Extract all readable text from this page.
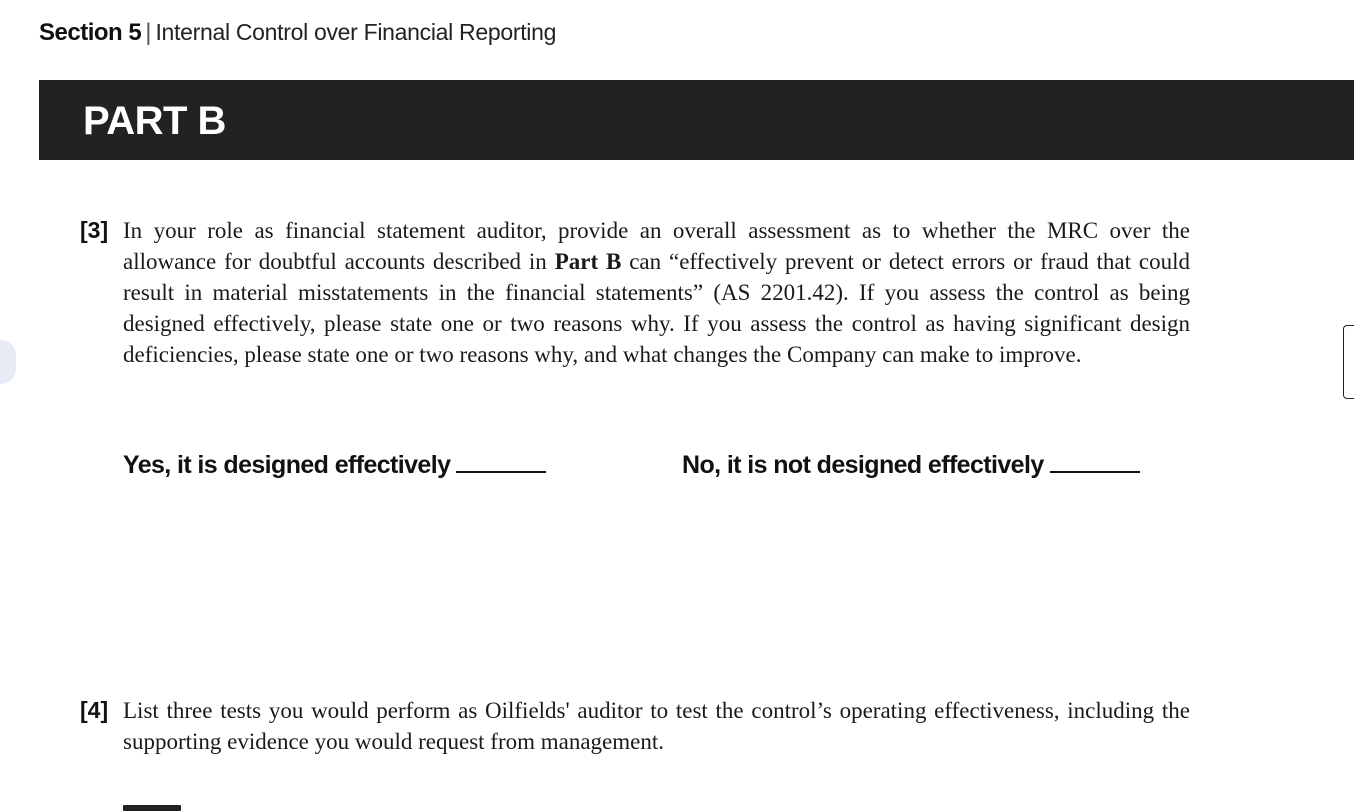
Section 5 | Internal Control over Financial Reporting
PART B
[3] In your role as financial statement auditor, provide an overall assessment as to whether the MRC over the allowance for doubtful accounts described in Part B can “effectively prevent or detect errors or fraud that could result in material misstatements in the financial statements” (AS 2201.42). If you assess the control as being designed effectively, please state one or two reasons why. If you assess the control as having significant design deficiencies, please state one or two reasons why, and what changes the Company can make to improve.
Yes, it is designed effectively	No, it is not designed effectively
[4] List three tests you would perform as Oilfields' auditor to test the control’s operating effectiveness, including the supporting evidence you would request from management.
